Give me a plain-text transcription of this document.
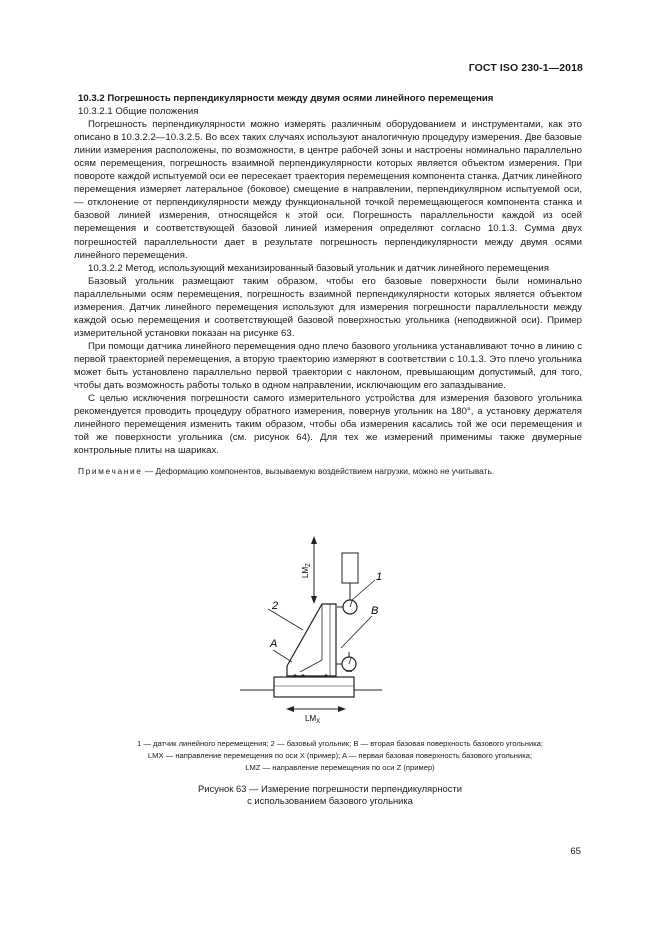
ГОСТ ISO 230-1—2018

10.3.2 Погрешность перпендикулярности между двумя осями линейного перемещения

10.3.2.1 Общие положения

Погрешность перпендикулярности можно измерять различным оборудованием и инструментами, как это описано в 10.3.2.2—10.3.2.5. Во всех таких случаях используют аналогичную процедуру измерения. Две базовые линии измерения расположены, по возможности, в центре рабочей зоны и настроены номинально параллельно осям перемещения, погрешность взаимной перпендикулярности которых является объектом измерения. При повороте каждой испытуемой оси ее пересекает траектория перемещения компонента станка. Датчик линейного перемещения измеряет латеральное (боковое) смещение в направлении, перпендикулярном испытуемой оси, — отклонение от перпендикулярности между функциональной точкой перемещающегося компонента станка и базовой линией измерения, относящейся к этой оси. Погрешность параллельности каждой из осей перемещения и соответствующей базовой линией измерения определяют согласно 10.1.3. Сумма двух погрешностей параллельности дает в результате погрешность перпендикулярности между двумя осями линейного перемещения.

10.3.2.2 Метод, использующий механизированный базовый угольник и датчик линейного перемещения

Базовый угольник размещают таким образом, чтобы его базовые поверхности были номинально параллельными осям перемещения, погрешность взаимной перпендикулярности которых является объектом измерения. Датчик линейного перемещения используют для измерения погрешности параллельности между каждой осью перемещения и соответствующей базовой поверхностью угольника (неподвижной оси). Пример измерительной установки показан на рисунке 63.

При помощи датчика линейного перемещения одно плечо базового угольника устанавливают точно в линию с первой траекторией перемещения, а вторую траекторию измеряют в соответствии с 10.1.3. Это плечо угольника может быть установлено параллельно первой траектории с наклоном, превышающим допустимый, для того, чтобы дать возможность работы только в одном направлении, исключающим его запаздывание.

С целью исключения погрешности самого измерительного устройства для измерения базового угольника рекомендуется проводить процедуру обратного измерения, повернув угольник на 180°, а установку держателя линейного перемещения изменить таким образом, чтобы оба измерения касались той же оси перемещения и той же поверхности угольника (см. рисунок 64). Для тех же измерений применимы также двумерные контрольные плиты на шариках.

Примечание — Деформацию компонентов, вызываемую воздействием нагрузки, можно не учитывать.

$LM_Z$
$LM_X$
1
2
A
B
1 — датчик линейного перемещения; 2 — базовый угольник; B — вторая базовая поверхность базового угольника;
LMX — направление перемещения по оси X (пример); A — первая базовая поверхность базового угольника;
LMZ — направление перемещения по оси Z (пример)
Рисунок 63 — Измерение погрешности перпендикулярности
с использованием базового угольника
65
